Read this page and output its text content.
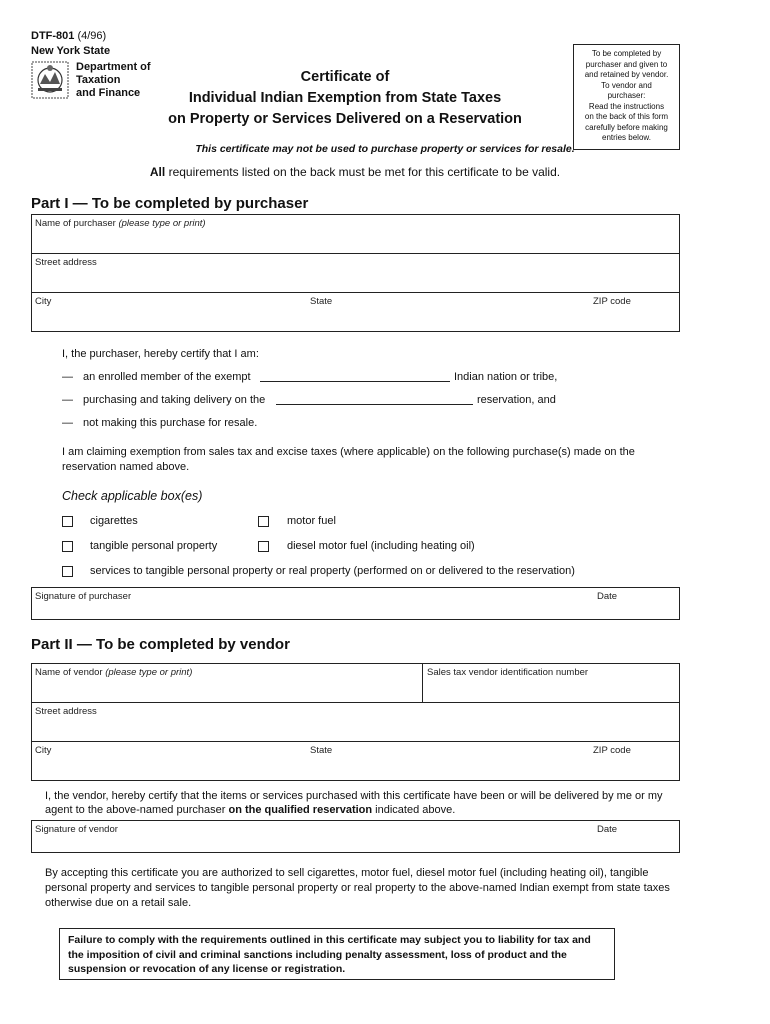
DTF-801 (4/96)
New York State
Department of
Taxation
and Finance
Certificate of
Individual Indian Exemption from State Taxes
on Property or Services Delivered on a Reservation
To be completed by
purchaser and given to
and retained by vendor.
To vendor and
purchaser:
Read the instructions
on the back of this form
carefully before making
entries below.
This certificate may not be used to purchase property or services for resale.
All requirements listed on the back must be met for this certificate to be valid.
Part I — To be completed by purchaser
Name of purchaser (please type or print)
Street address
City	State	ZIP code
I, the purchaser, hereby certify that I am:
— an enrolled member of the exempt	Indian nation or tribe,
— purchasing and taking delivery on the	reservation, and
— not making this purchase for resale.
I am claiming exemption from sales tax and excise taxes (where applicable) on the following purchase(s) made on the reservation named above.
Check applicable box(es)
cigarettes	motor fuel
tangible personal property	diesel motor fuel (including heating oil)
services to tangible personal property or real property (performed on or delivered to the reservation)
Signature of purchaser	Date
Part II — To be completed by vendor
Name of vendor (please type or print)	Sales tax vendor identification number
Street address
City	State	ZIP code
I, the vendor, hereby certify that the items or services purchased with this certificate have been or will be delivered by me or my agent to the above-named purchaser on the qualified reservation indicated above.
Signature of vendor	Date
By accepting this certificate you are authorized to sell cigarettes, motor fuel, diesel motor fuel (including heating oil), tangible personal property and services to tangible personal property or real property to the above-named Indian exempt from state taxes otherwise due on a retail sale.
Failure to comply with the requirements outlined in this certificate may subject you to liability for tax and the imposition of civil and criminal sanctions including penalty assessment, loss of product and the suspension or revocation of any license or registration.
